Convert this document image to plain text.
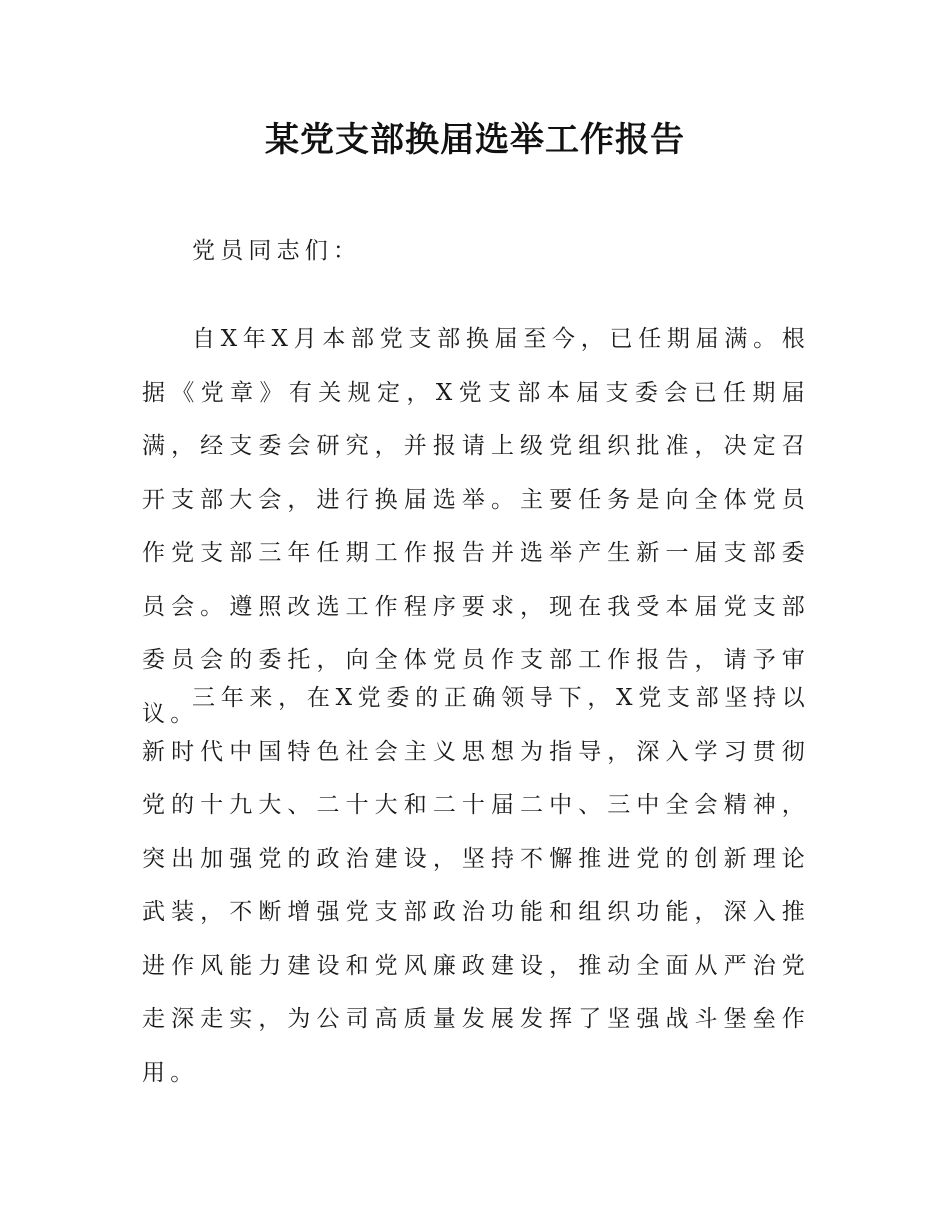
某党支部换届选举工作报告

党员同志们：

自X年X月本部党支部换届至今，已任期届满。根据《党章》有关规定，X党支部本届支委会已任期届满，经支委会研究，并报请上级党组织批准，决定召开支部大会，进行换届选举。主要任务是向全体党员作党支部三年任期工作报告并选举产生新一届支部委员会。遵照改选工作程序要求，现在我受本届党支部委员会的委托，向全体党员作支部工作报告，请予审议。

三年来，在X党委的正确领导下，X党支部坚持以新时代中国特色社会主义思想为指导，深入学习贯彻党的十九大、二十大和二十届二中、三中全会精神，突出加强党的政治建设，坚持不懈推进党的创新理论武装，不断增强党支部政治功能和组织功能，深入推进作风能力建设和党风廉政建设，推动全面从严治党走深走实，为公司高质量发展发挥了坚强战斗堡垒作用。
